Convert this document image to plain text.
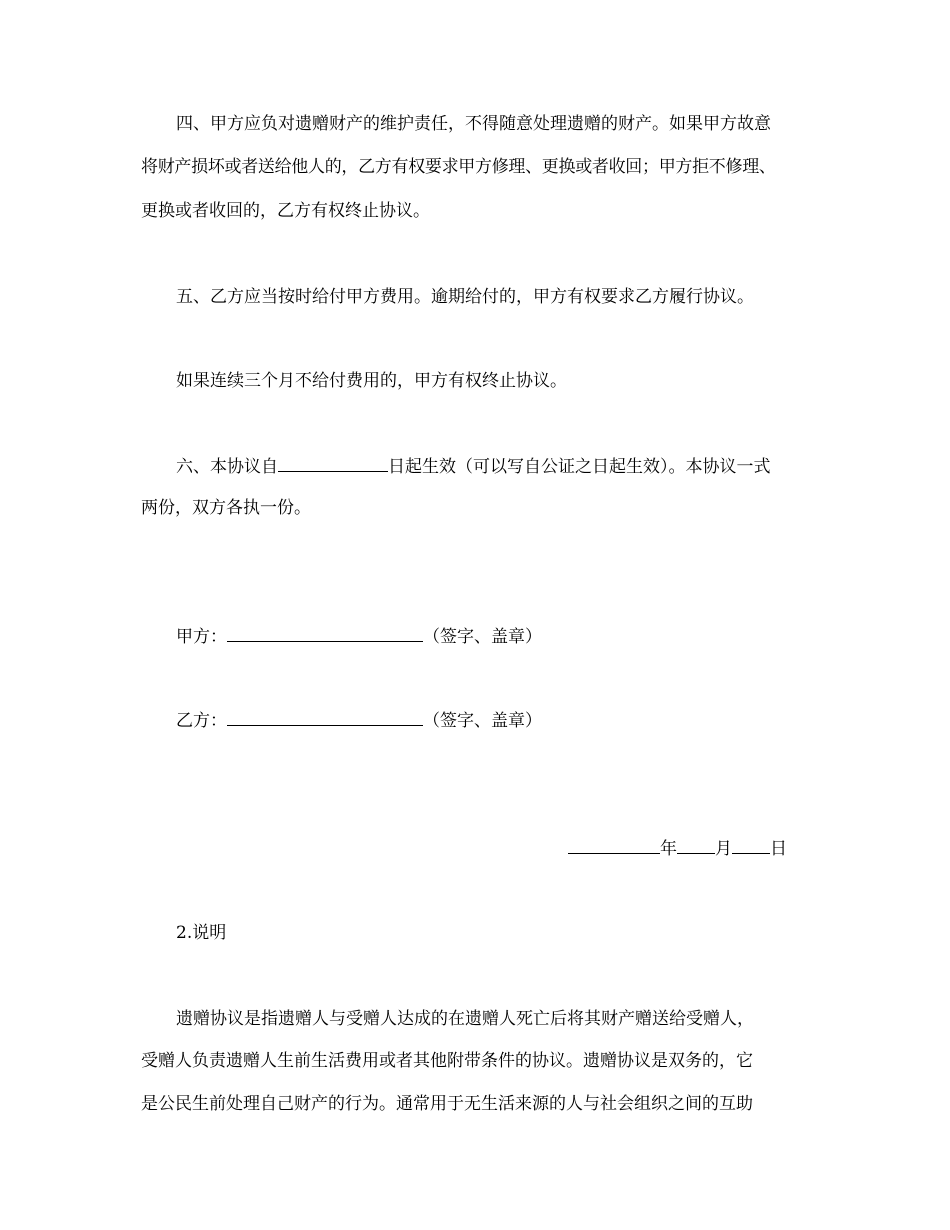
四、甲方应负对遗赠财产的维护责任，不得随意处理遗赠的财产。如果甲方故意

将财产损坏或者送给他人的，乙方有权要求甲方修理、更换或者收回；甲方拒不修理、

更换或者收回的，乙方有权终止协议。

五、乙方应当按时给付甲方费用。逾期给付的，甲方有权要求乙方履行协议。

如果连续三个月不给付费用的，甲方有权终止协议。

六、本协议自	日起生效（可以写自公证之日起生效）。本协议一式

两份，双方各执一份。

甲方：	（签字、盖章）

乙方：	（签字、盖章）

年 月 日

2.说明

遗赠协议是指遗赠人与受赠人达成的在遗赠人死亡后将其财产赠送给受赠人，

受赠人负责遗赠人生前生活费用或者其他附带条件的协议。遗赠协议是双务的，它

是公民生前处理自己财产的行为。通常用于无生活来源的人与社会组织之间的互助
